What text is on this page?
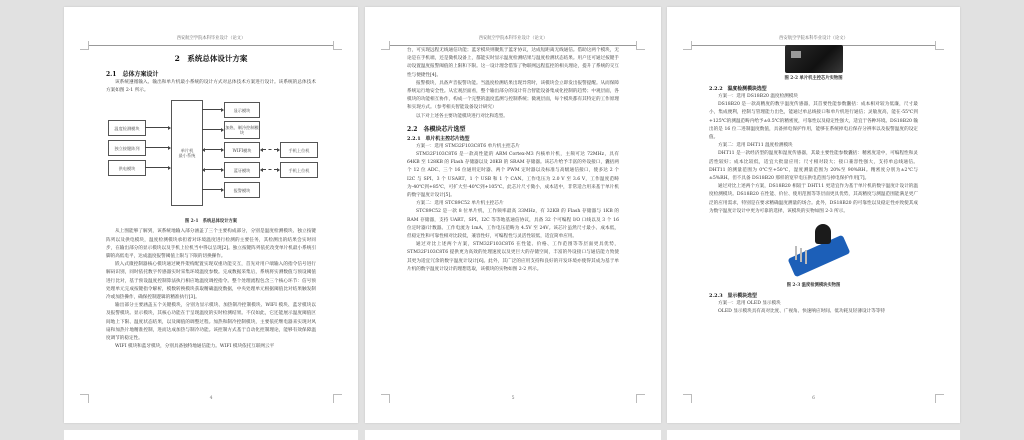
西安航空学院本科毕业设计（论文）
2　系统总体设计方案
2.1　总体方案设计

该系统遵循输入、输出和单片机最小系统的设计方式对总体技术方案进行设计。该系统的总体技术方案如图 2-1 所示。

温度检测模块
独立按键阵列
供电模块
单片机
最小系统
显示模块
加热、制冷控制模块
WIFI模块
蓝牙模块
报警模块
手机上位机
手机上位机
图 2-1　系统总体设计方案

从上图能够了解到，该系统地输入部分涵盖了三个主要构成部分，分别是温度检测模块、独立按键阵列以及供电模块，温度检测模块承担着对环境温度进行检测的主要任务，其检测出的结果会实时同步，在输出部分的显示模块以及手机上位机当中得以呈现[2]。独立按键阵列依托改变单片机最小系统引脚的高低电平，达成温度报警阈值上限与下限的切换操作。

嵌入式微控制器核心模块通过硬件架构配置实现双重功能交互，首先对用户端输入的指令信号进行解码识别，同时依托数字传感器实时采集环境温度参数。完成数据采集后，系统将实测数值与预设阈值进行比对，基于预设温度控制算法执行相应地温度调控指令。整个处理流程包含三个核心环节：信号预处理单元完成按键指令解析，模数转换模块获取精确温度数据，中央处理单元根据阈值比对结果触发制冷或加热操作，确保控制逻辑的精准执行[3]。

输出部分主要涵盖五个关键模块，分别为显示模块、加热制冷控制模块、WIFI 模块、蓝牙模块以及报警模块。显示模块，其核心功能在于呈现温度的实时检测结果。不仅如此，它还能展示温度阈值区间地上下限、温度状态结果，以及阈值的调整过程。加热和制冷控制模块，主要依托继电器来实现对风扇和加热片地精准控制，进而达成加热与制冷功能。该控制方式基于自动化控制理论，能够有效保障温度调节的稳定性。

WIFI 模块和蓝牙模块，分别具备独特地通信能力。WIFI 模块依托互联网云平

4
西安航空学院本科毕业设计（论文）

台，可实现远程无线通信功能；蓝牙模块则聚焦于蓝牙协议，达成短距离无线通信。借助这两个模块，无论是在手机端，还是微机设备上，都能实时显示温度检测结果与温度检测状态结果。用户还可通过按键手动设置温度报警阈值的上限和下限。这一设计理念借鉴了物联网远程监控的相关理论，提升了系统的交互性与便捷性[4]。

报警模块，具备声音报警功能。当温度检测结果出现异常时，该模块会立即发出报警提醒。从而保障系统运行地安全性。从宏观层面看，整个输出部分的设计符合智能设备集成化控制的趋势；中观层面，各模块的功能相互协作，构成一个完整的温度监测与控制系统；微观层面，每个模块都有其特定的工作原理和实现方式。（参考相关智能设备设计研究）

以下对上述各主要功能模块进行对比和选型。

2.2　各模块芯片选型
2.2.1　单片机主控芯片选型

方案一：选用 STM32F103C8T6 单片机主控芯片

STM32F103C8T6 是一款高性能的 ARM Cortex-M3 内核单片机，主频可达 72MHz，具有 64KB 至 128KB 的 Flash 存储器以及 20KB 的 SRAM 存储器。该芯片给予丰富的外设接口，囊括两个 12 位 ADC、三个 16 位通用定时器、两个 PWM 定时器以及标准与高级通信接口，使多达 2 个 I2C 与 SPI、3 个 USART、1 个 USB 和 1 个 CAN。工作电压为 2.0 V 至 3.6 V，工作温度范畴为-40℃到+85℃，可扩大至-40℃到+105℃。此芯片尺寸微小，成本适中，非常适合用来基于单片机的数字温度计设计[5]。

方案二：选用 STC89C52 单片机主控芯片

STC89C52 是一款 8 位单片机，工作频率最高 33MHz，有 32KB 的 Flash 存储器与 1KB 的 RAM 存储器，支持 UART、SPI、I2C 等等地基通信协议，具备 32 个可编程 I/O 口线以及 3 个 16 位定时器/计数器。工作电流为 1mA，工作电压范畴为 4.5V 至 24V。该芯片虽然尺寸最小、成本低，但稳定性和可靠性相对比较低，兼容性好，可编程性与灵活性较低，适宜简单应用。

通过对比上述两个方案，STM32F103C8T6 在性能、价格、工作范围等等层面更具优势，STM32F103C8T6 提供更为高效的处理速度以及更巨大的存储空间，丰富的外设接口与通信能力致使其更为适宜冗余的数字温度计设计[6]。此外，其广泛的应用支持和良好的开发环境亦使得其成为基于单片机的数字温度计设计的理想选取，该模块的实物如图 2-2 所示。

5
西安航空学院本科毕业设计（论文）
图 2-2 单片机主控芯片实物图
2.2.2　温度检测模块选型

方案一：选用 DS18B20 温度检测模块

DS18B20 是一款高精度的数字温度传感器，其首要性能参数囊括：成本相对较为低廉，尺寸最小，集成便利，控制与管理能力出色，能通过单总线接口和单片机进行通信；灵敏度高，能在-55℃到+125℃的测温范畴内给予±0.5℃的精密度，可靠性以及稳定性强大，适宜于各种环境。DS18B20 输出的是 16 位二进制温度数值，具备掉电保护作用，能够在系统掉电后保存分辨率以及报警温度的设定值。

方案二：选用 DHT11 温度检测模块

DHT11 是一款经济型的温度和湿度传感器，其最主要性能参数囊括：精密度适中，可编程性和灵活性较好；成本比较低，适宜大批量应用；尺寸相对较大；接口兼容性强大，支持单总线通信。DHT11 的测量范围为 0℃至+50℃，湿度测量范围为 20%至 90%RH。精密度分别为±2℃与±5%RH。但不具备 DS18B20 那样的宽窄电压供电范围与掉电保护作用[7]。

通过对比上述两个方案，DS18B20 相较于 DHT11 更适宜作为基于单片机的数字温度计设计的温度检测模块。DS18B20 在性能、价位、使用范围等等层面更具优势，其高精度与测温范围能满足更广泛的应用需求，特别是在要求精确温度测量的场合。此外，DS18B20 的可靠性以及稳定性亦致使其成为数字温度计设计中更为可靠的选择，该模块的实物如图 2-3 所示。

图 2-3 温度检测模块实物图
2.2.3　显示模块选型

方案一：选用 OLED 显示模块

OLED 显示模块具有高对比度、广视角、快速响应时间、低功耗及轻薄设计等等特

6
